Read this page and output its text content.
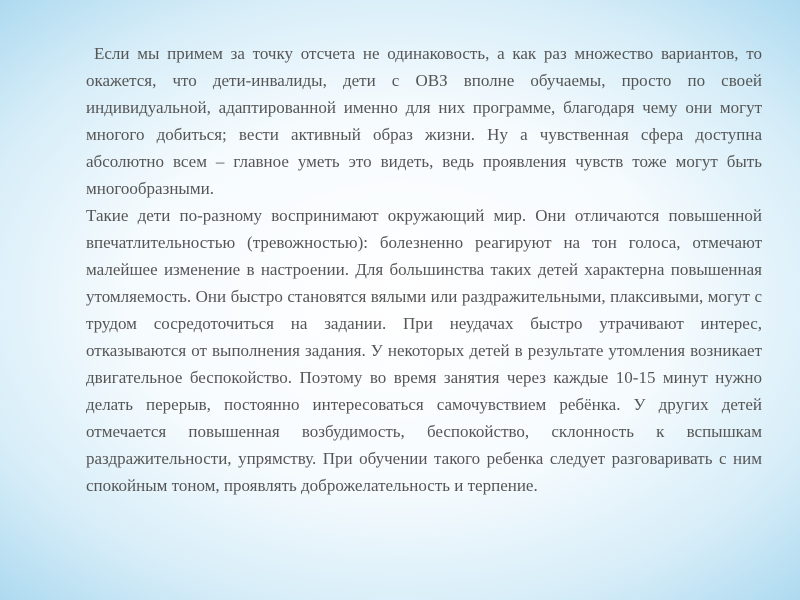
Если мы примем за точку отсчета не одинаковость, а как раз множество вариантов, то окажется, что дети-инвалиды, дети с ОВЗ вполне обучаемы, просто по своей индивидуальной, адаптированной именно для них программе, благодаря чему они могут многого добиться; вести активный образ жизни. Ну а чувственная сфера доступна абсолютно всем – главное уметь это видеть, ведь проявления чувств тоже могут быть многообразными.

Такие дети по-разному воспринимают окружающий мир. Они отличаются повышенной впечатлительностью (тревожностью): болезненно реагируют на тон голоса, отмечают малейшее изменение в настроении. Для большинства таких детей характерна повышенная утомляемость. Они быстро становятся вялыми или раздражительными, плаксивыми, могут с трудом сосредоточиться на задании. При неудачах быстро утрачивают интерес, отказываются от выполнения задания. У некоторых детей в результате утомления возникает двигательное беспокойство. Поэтому во время занятия через каждые 10-15 минут нужно делать перерыв, постоянно интересоваться самочувствием ребёнка. У других детей отмечается повышенная возбудимость, беспокойство, склонность к вспышкам раздражительности, упрямству. При обучении такого ребенка следует разговаривать с ним спокойным тоном, проявлять доброжелательность и терпение.
